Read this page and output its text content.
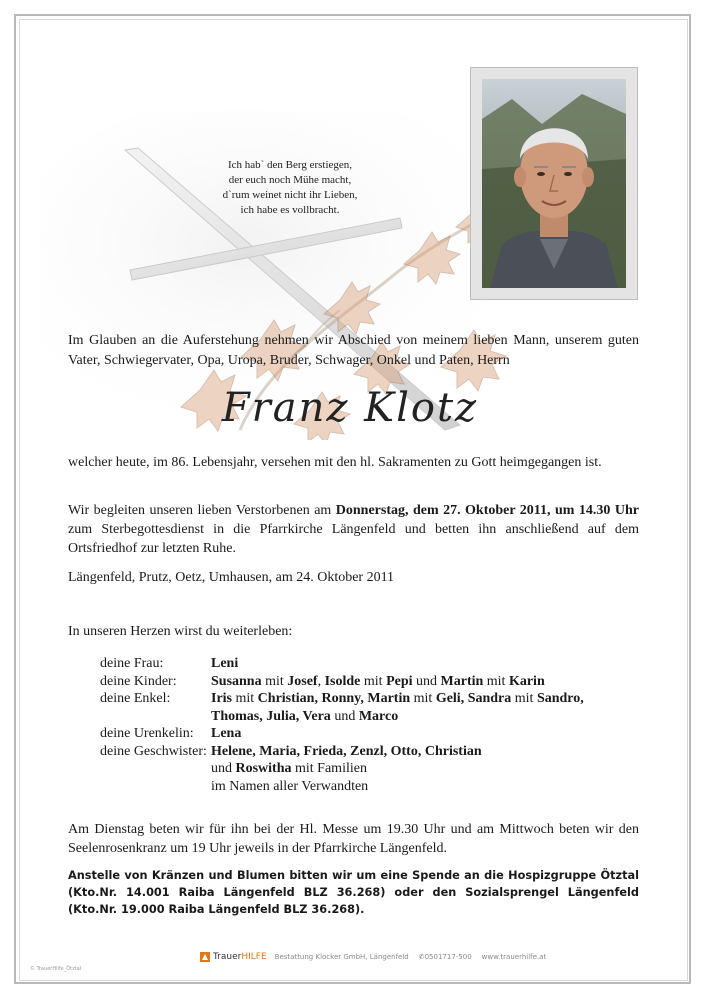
Ich hab` den Berg erstiegen,
der euch noch Mühe macht,
d`rum weinet nicht ihr Lieben,
ich habe es vollbracht.
Im Glauben an die Auferstehung nehmen wir Abschied von meinem lieben Mann, unserem guten Vater, Schwiegervater, Opa, Uropa, Bruder, Schwager, Onkel und Paten, Herrn
Franz Klotz
welcher heute, im 86. Lebensjahr, versehen mit den hl. Sakramenten zu Gott heimgegangen ist.
Wir begleiten unseren lieben Verstorbenen am Donnerstag, dem 27. Oktober 2011, um 14.30 Uhr zum Sterbegottesdienst in die Pfarrkirche Längenfeld und betten ihn anschließend auf dem Ortsfriedhof zur letzten Ruhe.
Längenfeld, Prutz, Oetz, Umhausen, am 24. Oktober 2011
In unseren Herzen wirst du weiterleben:
deine Frau:	Leni
deine Kinder:	Susanna mit Josef, Isolde mit Pepi und Martin mit Karin
deine Enkel:	Iris mit Christian, Ronny, Martin mit Geli, Sandra mit Sandro,
Thomas, Julia, Vera und Marco
deine Urenkelin:	Lena
deine Geschwister: Helene, Maria, Frieda, Zenzl, Otto, Christian
und Roswitha mit Familien
im Namen aller Verwandten
Am Dienstag beten wir für ihn bei der Hl. Messe um 19.30 Uhr und am Mittwoch beten wir den Seelenrosenkranz um 19 Uhr jeweils in der Pfarrkirche Längenfeld.
Anstelle von Kränzen und Blumen bitten wir um eine Spende an die Hospizgruppe Ötztal (Kto.Nr. 14.001 Raiba Längenfeld BLZ 36.268) oder den Sozialsprengel Längenfeld (Kto.Nr. 19.000 Raiba Längenfeld BLZ 36.268).
TrauerHILFE Bestattung Klocker GmbH, Längenfeld ✆0501717-500 www.trauerhilfe.at
© TrauerHilfe_Ötztal
